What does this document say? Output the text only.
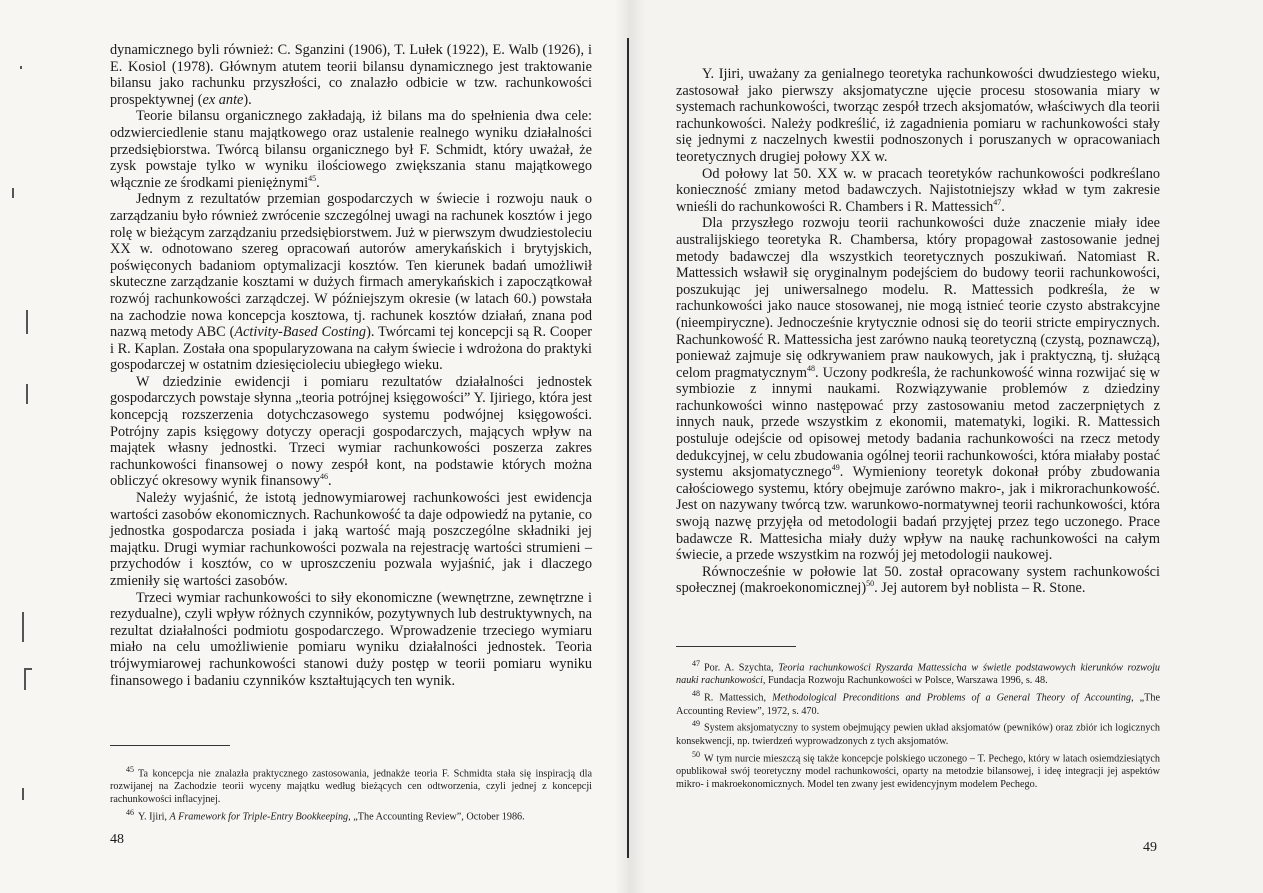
dynamicznego byli również: C. Sganzini (1906), T. Lułek (1922), E. Walb (1926), i E. Kosiol (1978). Głównym atutem teorii bilansu dynamicznego jest traktowanie bilansu jako rachunku przyszłości, co znalazło odbicie w tzw. rachunkowości prospektywnej (ex ante).

Teorie bilansu organicznego zakładają, iż bilans ma do spełnienia dwa cele: odzwierciedlenie stanu majątkowego oraz ustalenie realnego wyniku działalności przedsiębiorstwa. Twórcą bilansu organicznego był F. Schmidt, który uważał, że zysk powstaje tylko w wyniku ilościowego zwiększania stanu majątkowego włącznie ze środkami pieniężnymi$^{45}$.

Jednym z rezultatów przemian gospodarczych w świecie i rozwoju nauk o zarządzaniu było również zwrócenie szczególnej uwagi na rachunek kosztów i jego rolę w bieżącym zarządzaniu przedsiębiorstwem. Już w pierwszym dwudziestoleciu XX w. odnotowano szereg opracowań autorów amerykańskich i brytyjskich, poświęconych badaniom optymalizacji kosztów. Ten kierunek badań umożliwił skuteczne zarządzanie kosztami w dużych firmach amerykańskich i zapoczątkował rozwój rachunkowości zarządczej. W późniejszym okresie (w latach 60.) powstała na zachodzie nowa koncepcja kosztowa, tj. rachunek kosztów działań, znana pod nazwą metody ABC (Activity-Based Costing). Twórcami tej koncepcji są R. Cooper i R. Kaplan. Została ona spopularyzowana na całym świecie i wdrożona do praktyki gospodarczej w ostatnim dziesięcioleciu ubiegłego wieku.

W dziedzinie ewidencji i pomiaru rezultatów działalności jednostek gospodarczych powstaje słynna „teoria potrójnej księgowości” Y. Ijiriego, która jest koncepcją rozszerzenia dotychczasowego systemu podwójnej księgowości. Potrójny zapis księgowy dotyczy operacji gospodarczych, mających wpływ na majątek własny jednostki. Trzeci wymiar rachunkowości poszerza zakres rachunkowości finansowej o nowy zespół kont, na podstawie których można obliczyć okresowy wynik finansowy$^{46}$.

Należy wyjaśnić, że istotą jednowymiarowej rachunkowości jest ewidencja wartości zasobów ekonomicznych. Rachunkowość ta daje odpowiedź na pytanie, co jednostka gospodarcza posiada i jaką wartość mają poszczególne składniki jej majątku. Drugi wymiar rachunkowości pozwala na rejestrację wartości strumieni – przychodów i kosztów, co w uproszczeniu pozwala wyjaśnić, jak i dlaczego zmieniły się wartości zasobów.

Trzeci wymiar rachunkowości to siły ekonomiczne (wewnętrzne, zewnętrzne i rezydualne), czyli wpływ różnych czynników, pozytywnych lub destruktywnych, na rezultat działalności podmiotu gospodarczego. Wprowadzenie trzeciego wymiaru miało na celu umożliwienie pomiaru wyniku działalności jednostek. Teoria trójwymiarowej rachunkowości stanowi duży postęp w teorii pomiaru wyniku finansowego i badaniu czynników kształtujących ten wynik.

$^{45}$ Ta koncepcja nie znalazła praktycznego zastosowania, jednakże teoria F. Schmidta stała się inspiracją dla rozwijanej na Zachodzie teorii wyceny majątku według bieżących cen odtworzenia, czyli jednej z koncepcji rachunkowości inflacyjnej.

$^{46}$ Y. Ijiri, A Framework for Triple-Entry Bookkeeping, „The Accounting Review”, October 1986.

48

Y. Ijiri, uważany za genialnego teoretyka rachunkowości dwudziestego wieku, zastosował jako pierwszy aksjomatyczne ujęcie procesu stosowania miary w systemach rachunkowości, tworząc zespół trzech aksjomatów, właściwych dla teorii rachunkowości. Należy podkreślić, iż zagadnienia pomiaru w rachunkowości stały się jednymi z naczelnych kwestii podnoszonych i poruszanych w opracowaniach teoretycznych drugiej połowy XX w.

Od połowy lat 50. XX w. w pracach teoretyków rachunkowości podkreślano konieczność zmiany metod badawczych. Najistotniejszy wkład w tym zakresie wnieśli do rachunkowości R. Chambers i R. Mattessich$^{47}$.

Dla przyszłego rozwoju teorii rachunkowości duże znaczenie miały idee australijskiego teoretyka R. Chambersa, który propagował zastosowanie jednej metody badawczej dla wszystkich teoretycznych poszukiwań. Natomiast R. Mattessich wsławił się oryginalnym podejściem do budowy teorii rachunkowości, poszukując jej uniwersalnego modelu. R. Mattessich podkreśla, że w rachunkowości jako nauce stosowanej, nie mogą istnieć teorie czysto abstrakcyjne (nieempiryczne). Jednocześnie krytycznie odnosi się do teorii stricte empirycznych. Rachunkowość R. Mattessicha jest zarówno nauką teoretyczną (czystą, poznawczą), ponieważ zajmuje się odkrywaniem praw naukowych, jak i praktyczną, tj. służącą celom pragmatycznym$^{48}$. Uczony podkreśla, że rachunkowość winna rozwijać się w symbiozie z innymi naukami. Rozwiązywanie problemów z dziedziny rachunkowości winno następować przy zastosowaniu metod zaczerpniętych z innych nauk, przede wszystkim z ekonomii, matematyki, logiki. R. Mattessich postuluje odejście od opisowej metody badania rachunkowości na rzecz metody dedukcyjnej, w celu zbudowania ogólnej teorii rachunkowości, która miałaby postać systemu aksjomatycznego$^{49}$. Wymieniony teoretyk dokonał próby zbudowania całościowego systemu, który obejmuje zarówno makro-, jak i mikrorachunkowość. Jest on nazywany twórcą tzw. warunkowo-normatywnej teorii rachunkowości, która swoją nazwę przyjęła od metodologii badań przyjętej przez tego uczonego. Prace badawcze R. Mattesicha miały duży wpływ na naukę rachunkowości na całym świecie, a przede wszystkim na rozwój jej metodologii naukowej.

Równocześnie w połowie lat 50. został opracowany system rachunkowości społecznej (makroekonomicznej)$^{50}$. Jej autorem był noblista – R. Stone.

$^{47}$ Por. A. Szychta, Teoria rachunkowości Ryszarda Mattessicha w świetle podstawowych kierunków rozwoju nauki rachunkowości, Fundacja Rozwoju Rachunkowości w Polsce, Warszawa 1996, s. 48.

$^{48}$ R. Mattessich, Methodological Preconditions and Problems of a General Theory of Accounting, „The Accounting Review”, 1972, s. 470.

$^{49}$ System aksjomatyczny to system obejmujący pewien układ aksjomatów (pewników) oraz zbiór ich logicznych konsekwencji, np. twierdzeń wyprowadzonych z tych aksjomatów.

$^{50}$ W tym nurcie mieszczą się także koncepcje polskiego uczonego – T. Pechego, który w latach osiemdziesiątych opublikował swój teoretyczny model rachunkowości, oparty na metodzie bilansowej, i ideę integracji jej aspektów mikro- i makroekonomicznych. Model ten zwany jest ewidencyjnym modelem Pechego.

49
